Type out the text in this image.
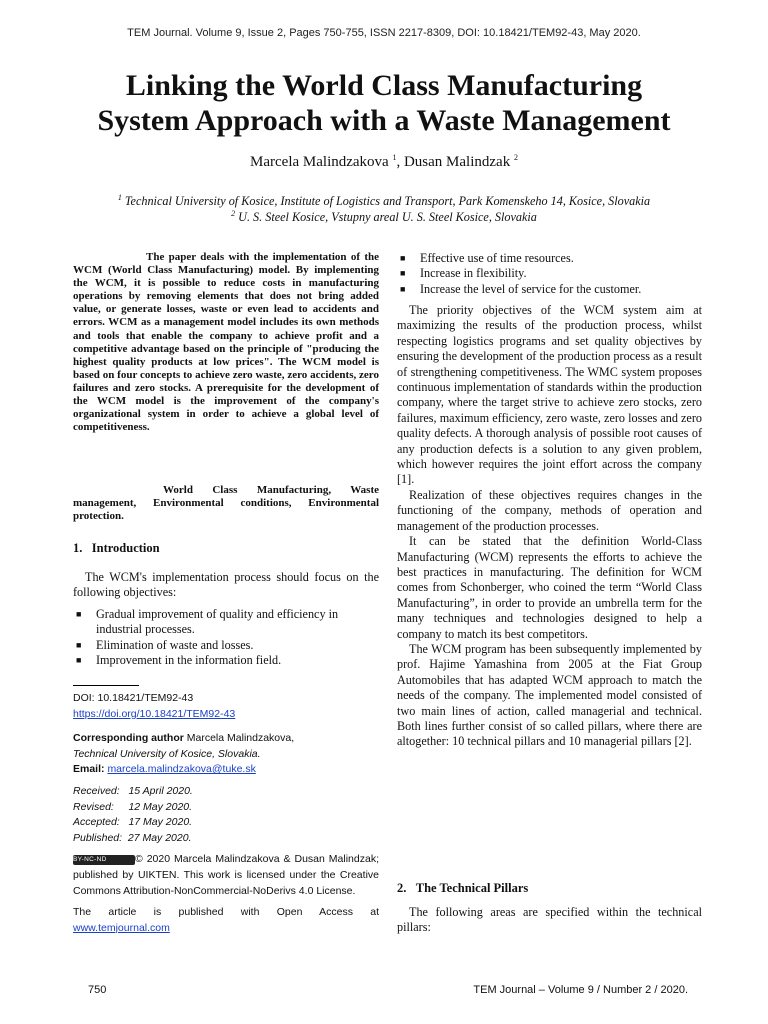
TEM Journal. Volume 9, Issue 2, Pages 750-755, ISSN 2217-8309, DOI: 10.18421/TEM92-43, May 2020.
Linking the World Class Manufacturing
System Approach with a Waste Management
Marcela Malindzakova $^1$, Dusan Malindzak $^2$
$^1$ Technical University of Kosice, Institute of Logistics and Transport, Park Komenskeho 14, Kosice, Slovakia
$^2$ U. S. Steel Kosice, Vstupny areal U. S. Steel Kosice, Slovakia

The paper deals with the implementation of the WCM (World Class Manufacturing) model. By implementing the WCM, it is possible to reduce costs in manufacturing operations by removing elements that does not bring added value, or generate losses, waste or even lead to accidents and errors. WCM as a management model includes its own methods and tools that enable the company to achieve profit and a competitive advantage based on the principle of "producing the highest quality products at low prices". The WCM model is based on four concepts to achieve zero waste, zero accidents, zero failures and zero stocks. A prerequisite for the development of the WCM model is the improvement of the company's organizational system in order to achieve a global level of competitiveness.

World Class Manufacturing, Waste management, Environmental conditions, Environmental protection.

1. Introduction

The WCM's implementation process should focus on the following objectives:

■ Gradual improvement of quality and efficiency in industrial processes.
■ Elimination of waste and losses.
■ Improvement in the information field.
DOI: 10.18421/TEM92-43
https://doi.org/10.18421/TEM92-43
Corresponding author Marcela Malindzakova,
Technical University of Kosice, Slovakia.
Email: marcela.malindzakova@tuke.sk
Received:   15 April 2020.
Revised:     12 May 2020.
Accepted:   17 May 2020.
Published:  27 May 2020.
BY-NC-ND	© 2020 Marcela Malindzakova & Dusan Malindzak; published by UIKTEN. This work is licensed under the Creative Commons Attribution-NonCommercial-NoDerivs 4.0 License.
The article is published with Open Access at
www.temjournal.com
■ Effective use of time resources.
■ Increase in flexibility.
■ Increase the level of service for the customer.

The priority objectives of the WCM system aim at maximizing the results of the production process, whilst respecting logistics programs and set quality objectives by ensuring the development of the production process as a result of strengthening competitiveness. The WMC system proposes continuous implementation of standards within the production company, where the target strive to achieve zero stocks, zero failures, maximum efficiency, zero waste, zero losses and zero quality defects. A thorough analysis of possible root causes of any production defects is a solution to any given problem, which however requires the joint effort across the company [1].

Realization of these objectives requires changes in the functioning of the company, methods of operation and management of the production processes.

It can be stated that the definition World-Class Manufacturing (WCM) represents the efforts to achieve the best practices in manufacturing. The definition for WCM comes from Schonberger, who coined the term “World Class Manufacturing”, in order to provide an umbrella term for the many techniques and technologies designed to help a company to match its best competitors.

The WCM program has been subsequently implemented by prof. Hajime Yamashina from 2005 at the Fiat Group Automobiles that has adapted WCM approach to match the needs of the company. The implemented model consisted of two main lines of action, called managerial and technical. Both lines further consist of so called pillars, where there are altogether: 10 technical pillars and 10 managerial pillars [2].

2. The Technical Pillars

The following areas are specified within the technical pillars:

750	TEM Journal – Volume 9 / Number 2 / 2020.
